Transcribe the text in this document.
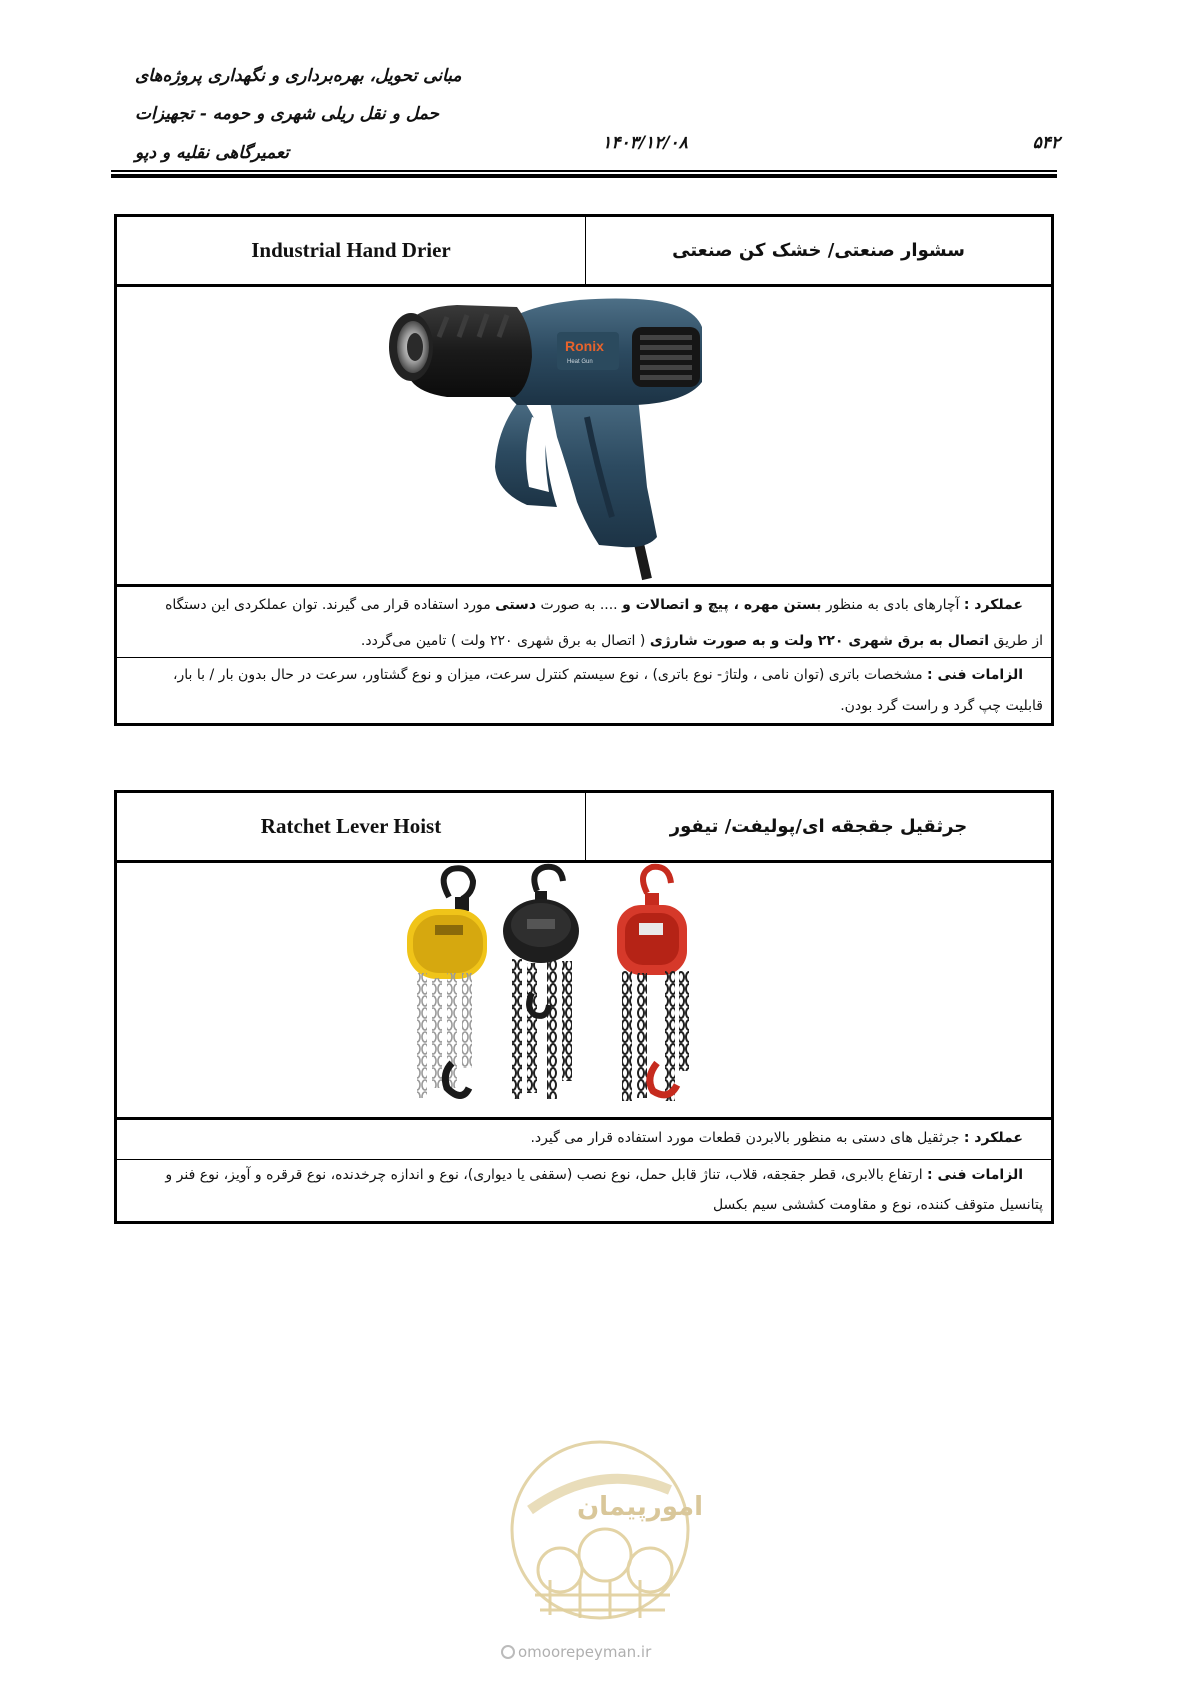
مبانی تحویل، بهره‌برداری و نگهداری پروژه‌های
حمل و نقل ریلی شهری و حومه - تجهیزات
تعمیرگاهی نقلیه و دپو	۱۴۰۳/۱۲/۰۸	۵۴۲
Industrial Hand Drier	سشوار صنعتی/ خشک کن صنعتی
Ronix
Heat Gun
عملکرد : آچارهای بادی به منظور بستن مهره ، پیچ و اتصالات و .... به صورت دستی مورد استفاده قرار می گیرند. توان عملکردی این دستگاه
از طریق اتصال به برق شهری ۲۲۰ ولت و به صورت شارژی ( اتصال به برق شهری ۲۲۰ ولت ) تامین می‌گردد.
الزامات فنی : مشخصات باتری (توان نامی ، ولتاژ- نوع باتری) ، نوع سیستم کنترل سرعت، میزان و نوع گشتاور، سرعت در حال بدون بار / با بار،
قابلیت چپ گرد و راست گرد بودن.
Ratchet Lever Hoist	جرثقیل جقجقه ای/پولیفت/ تیفور
عملکرد : جرثقیل های دستی به منظور بالابردن قطعات مورد استفاده قرار می گیرد.
الزامات فنی : ارتفاع بالابری، قطر جقجقه، قلاب، تناژ قابل حمل، نوع نصب (سقفی یا دیواری)، نوع و اندازه چرخدنده، نوع قرقره و آویز، نوع فنر و
پتانسیل متوقف کننده، نوع و مقاومت کششی سیم بکسل
امورپیمان
omoorepeyman.ir
